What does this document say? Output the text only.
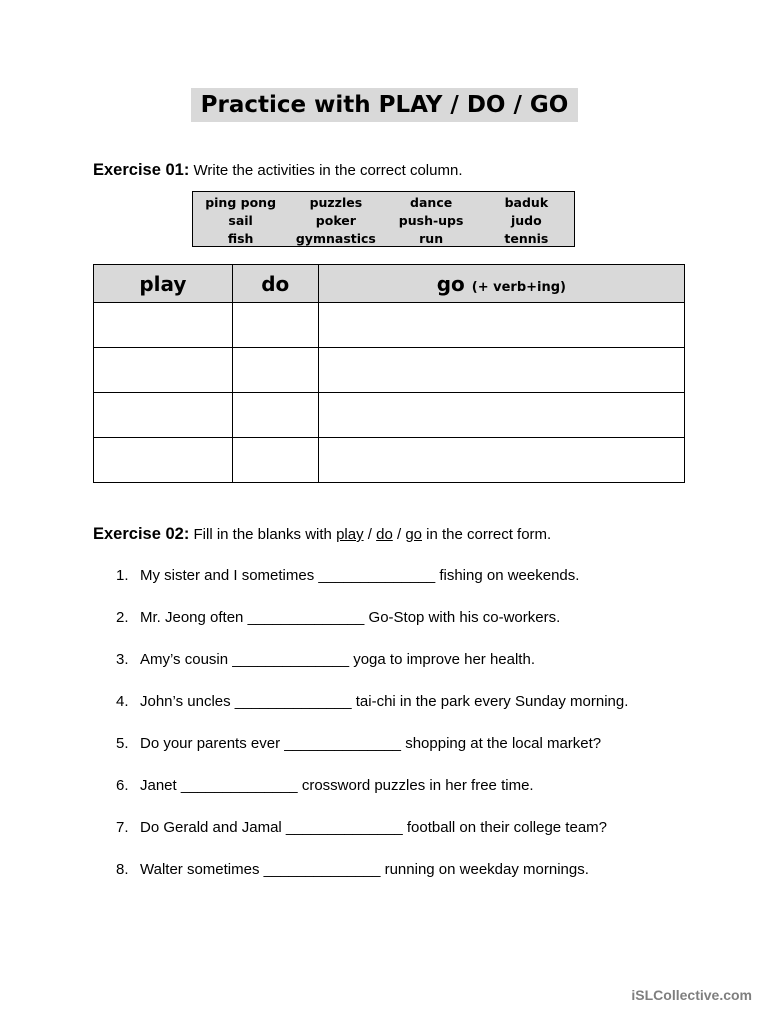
Practice with PLAY / DO / GO
Exercise 01: Write the activities in the correct column.
ping pong	puzzles	dance	baduk
sail	poker	push-ups	judo
fish	gymnastics	run	tennis
play	do	go (+ verb+ing)

Exercise 02: Fill in the blanks with play / do / go in the correct form.
1. My sister and I sometimes ______________ fishing on weekends.
2. Mr. Jeong often ______________ Go-Stop with his co-workers.
3. Amy’s cousin ______________ yoga to improve her health.
4. John’s uncles ______________ tai-chi in the park every Sunday morning.
5. Do your parents ever ______________ shopping at the local market?
6. Janet ______________ crossword puzzles in her free time.
7. Do Gerald and Jamal ______________ football on their college team?
8. Walter sometimes ______________ running on weekday mornings.
iSLCollective.com
